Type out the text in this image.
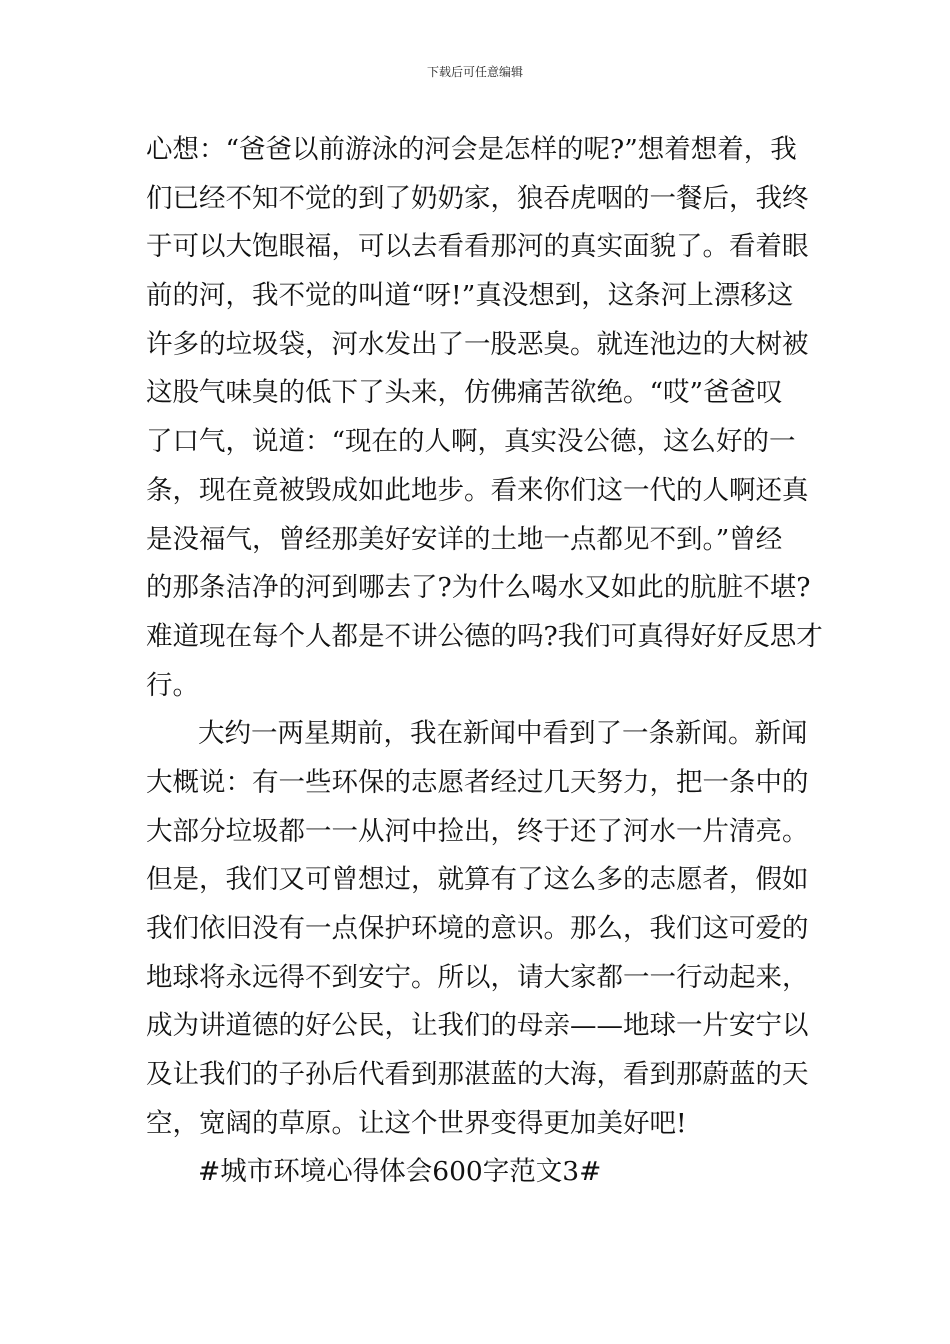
下载后可任意编辑
心想：“爸爸以前游泳的河会是怎样的呢?”想着想着，我
们已经不知不觉的到了奶奶家，狼吞虎咽的一餐后，我终
于可以大饱眼福，可以去看看那河的真实面貌了。看着眼
前的河，我不觉的叫道“呀!”真没想到，这条河上漂移这
许多的垃圾袋，河水发出了一股恶臭。就连池边的大树被
这股气味臭的低下了头来，仿佛痛苦欲绝。“哎”爸爸叹
了口气，说道：“现在的人啊，真实没公德，这么好的一
条，现在竟被毁成如此地步。看来你们这一代的人啊还真
是没福气，曾经那美好安详的土地一点都见不到。”曾经
的那条洁净的河到哪去了?为什么喝水又如此的肮脏不堪?
难道现在每个人都是不讲公德的吗?我们可真得好好反思才
行。
大约一两星期前，我在新闻中看到了一条新闻。新闻
大概说：有一些环保的志愿者经过几天努力，把一条中的
大部分垃圾都一一从河中捡出，终于还了河水一片清亮。
但是，我们又可曾想过，就算有了这么多的志愿者，假如
我们依旧没有一点保护环境的意识。那么，我们这可爱的
地球将永远得不到安宁。所以，请大家都一一行动起来，
成为讲道德的好公民，让我们的母亲——地球一片安宁以
及让我们的子孙后代看到那湛蓝的大海，看到那蔚蓝的天
空，宽阔的草原。让这个世界变得更加美好吧!
#城市环境心得体会600字范文3#
